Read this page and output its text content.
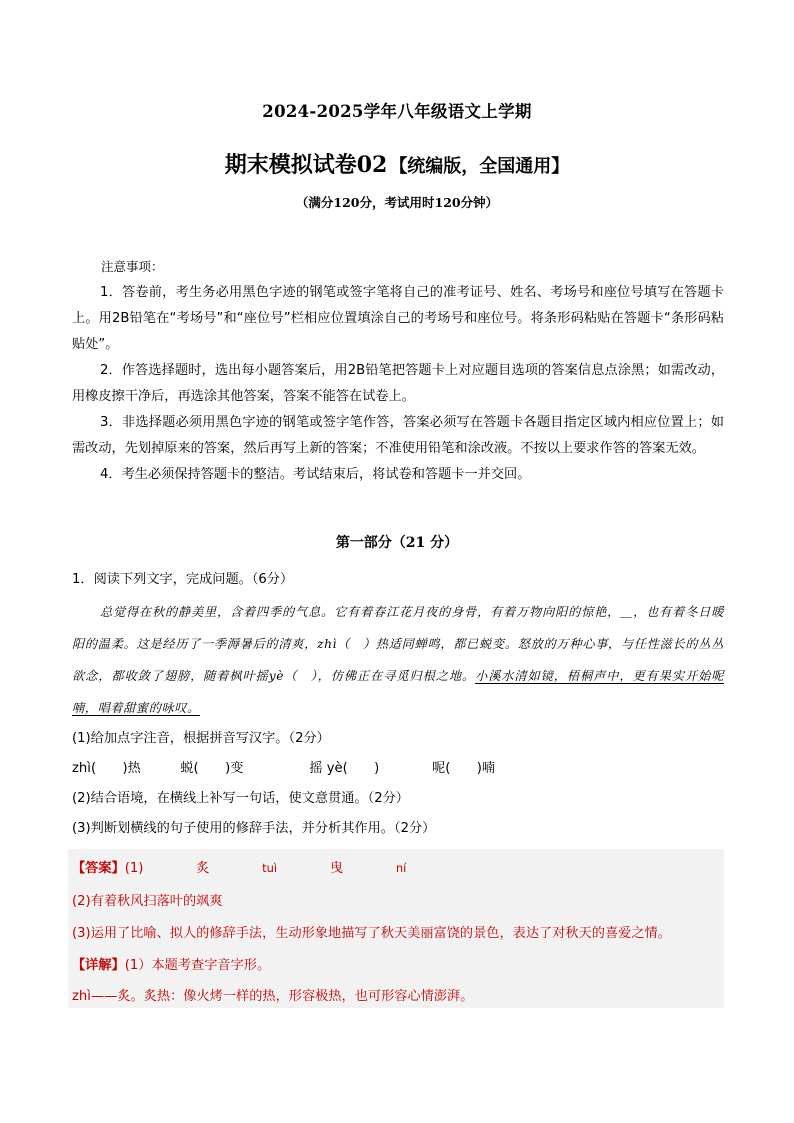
2024-2025学年八年级语文上学期
期末模拟试卷02 【统编版，全国通用】
（满分120分，考试用时120分钟）
注意事项：

1．答卷前，考生务必用黑色字迹的钢笔或签字笔将自己的准考证号、姓名、考场号和座位号填写在答题卡上。用2B铅笔在“考场号”和“座位号”栏相应位置填涂自己的考场号和座位号。将条形码粘贴在答题卡“条形码粘贴处”。

2．作答选择题时，选出每小题答案后，用2B铅笔把答题卡上对应题目选项的答案信息点涂黑；如需改动，用橡皮擦干净后，再选涂其他答案，答案不能答在试卷上。

3．非选择题必须用黑色字迹的钢笔或签字笔作答，答案必须写在答题卡各题目指定区域内相应位置上；如需改动，先划掉原来的答案，然后再写上新的答案；不准使用铅笔和涂改液。不按以上要求作答的答案无效。

4．考生必须保持答题卡的整洁。考试结束后，将试卷和答题卡一并交回。

第一部分（21 分）
1．阅读下列文字，完成问题。（6分）
总觉得在秋的静美里，含着四季的气息。它有着春江花月夜的身骨，有着万物向阳的惊艳，＿，也有着冬日暖阳的温柔。这是经历了一季溽暑后的清爽，zhì（　）热适同蝉鸣，都已蜕变。怒放的万种心事，与任性滋长的丛丛欲念，都收敛了翅膀，随着枫叶摇yè（　），仿佛正在寻觅归根之地。小溪水清如镜，梧桐声中，更有果实开始呢喃，唱着甜蜜的咏叹。

(1)给加点字注音，根据拼音写汉字。（2分）

zhì(　　)热　　　蜕(　　)变　　　　　摇 yè(　　)　　　　呢(　　)喃

(2)结合语境，在横线上补写一句话，使文意贯通。（2分）

(3)判断划横线的句子使用的修辞手法，并分析其作用。（2分）

【答案】(1)　　　　	炙　　　　	tuì　　　　	曳　　　　	ní
(2)有着秋风扫落叶的飒爽
(3)运用了比喻、拟人的修辞手法，生动形象地描写了秋天美丽富饶的景色，表达了对秋天的喜爱之情。
【详解】(1）本题考查字音字形。
zhì——炙。炙热：像火烤一样的热，形容极热，也可形容心情澎湃。
